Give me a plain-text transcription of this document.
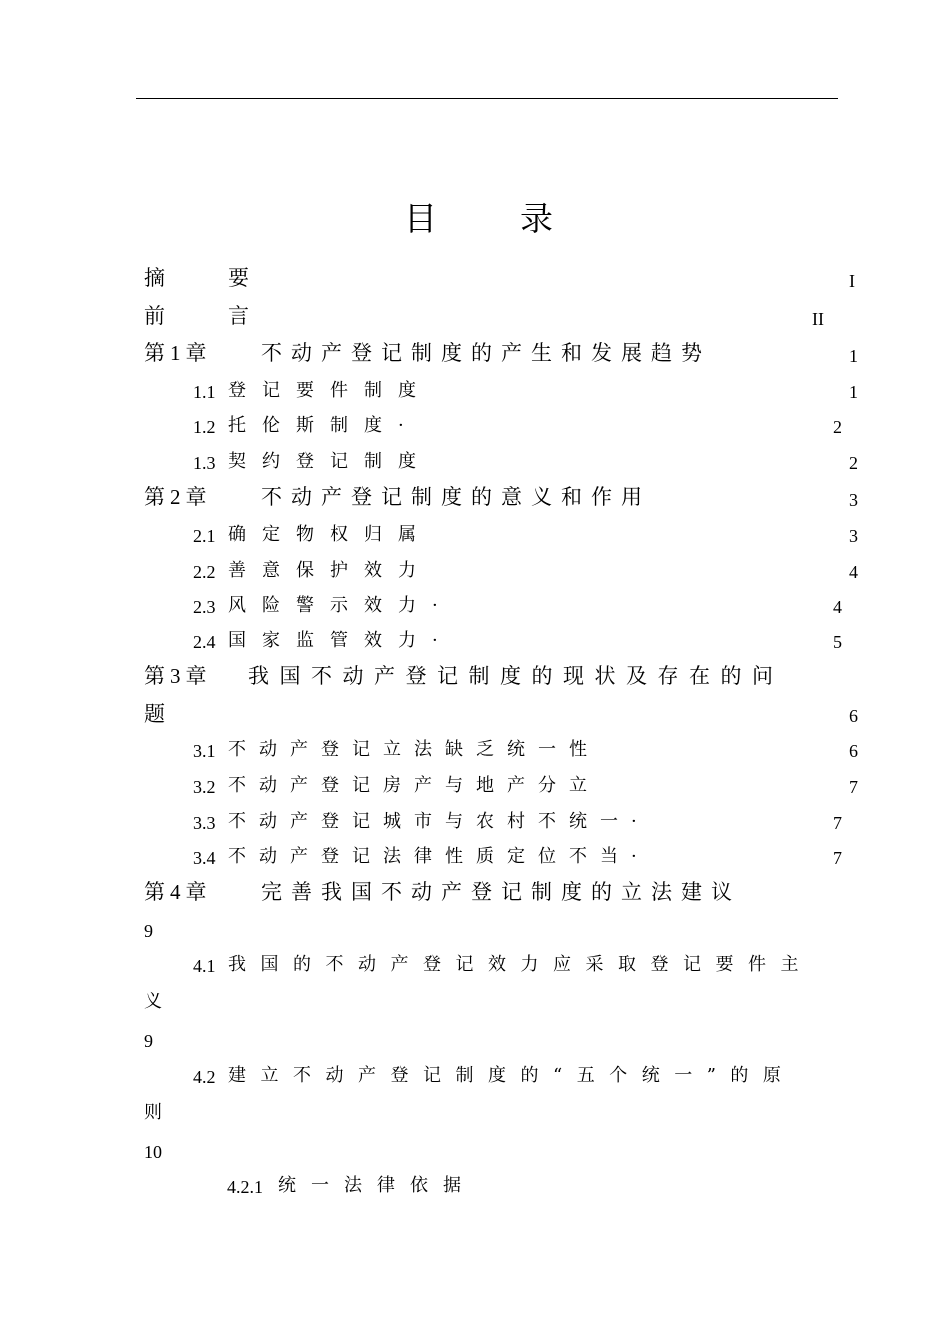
目	录
摘	要	I
前	言	II
第 1 章	不动产登记制度的产生和发展趋势	1
1.1 登记要件制度	1
1.2 托伦斯制度·	2
1.3 契约登记制度	2
第 2 章	不动产登记制度的意义和作用	3
2.1 确定物权归属	3
2.2 善意保护效力	4
2.3 风险警示效力·	4
2.4 国家监管效力·	5
第 3 章 我国不动产登记制度的现状及存在的问
题	6
3.1 不动产登记立法缺乏统一性	6
3.2 不动产登记房产与地产分立	7
3.3 不动产登记城市与农村不统一·	7
3.4 不动产登记法律性质定位不当·	7
第 4 章	完善我国不动产登记制度的立法建议
9
4.1 我国的不动产登记效力应采取登记要件主
义
9
4.2 建立不动产登记制度的“五个统一”的原
则
10
4.2.1 统一法律依据
